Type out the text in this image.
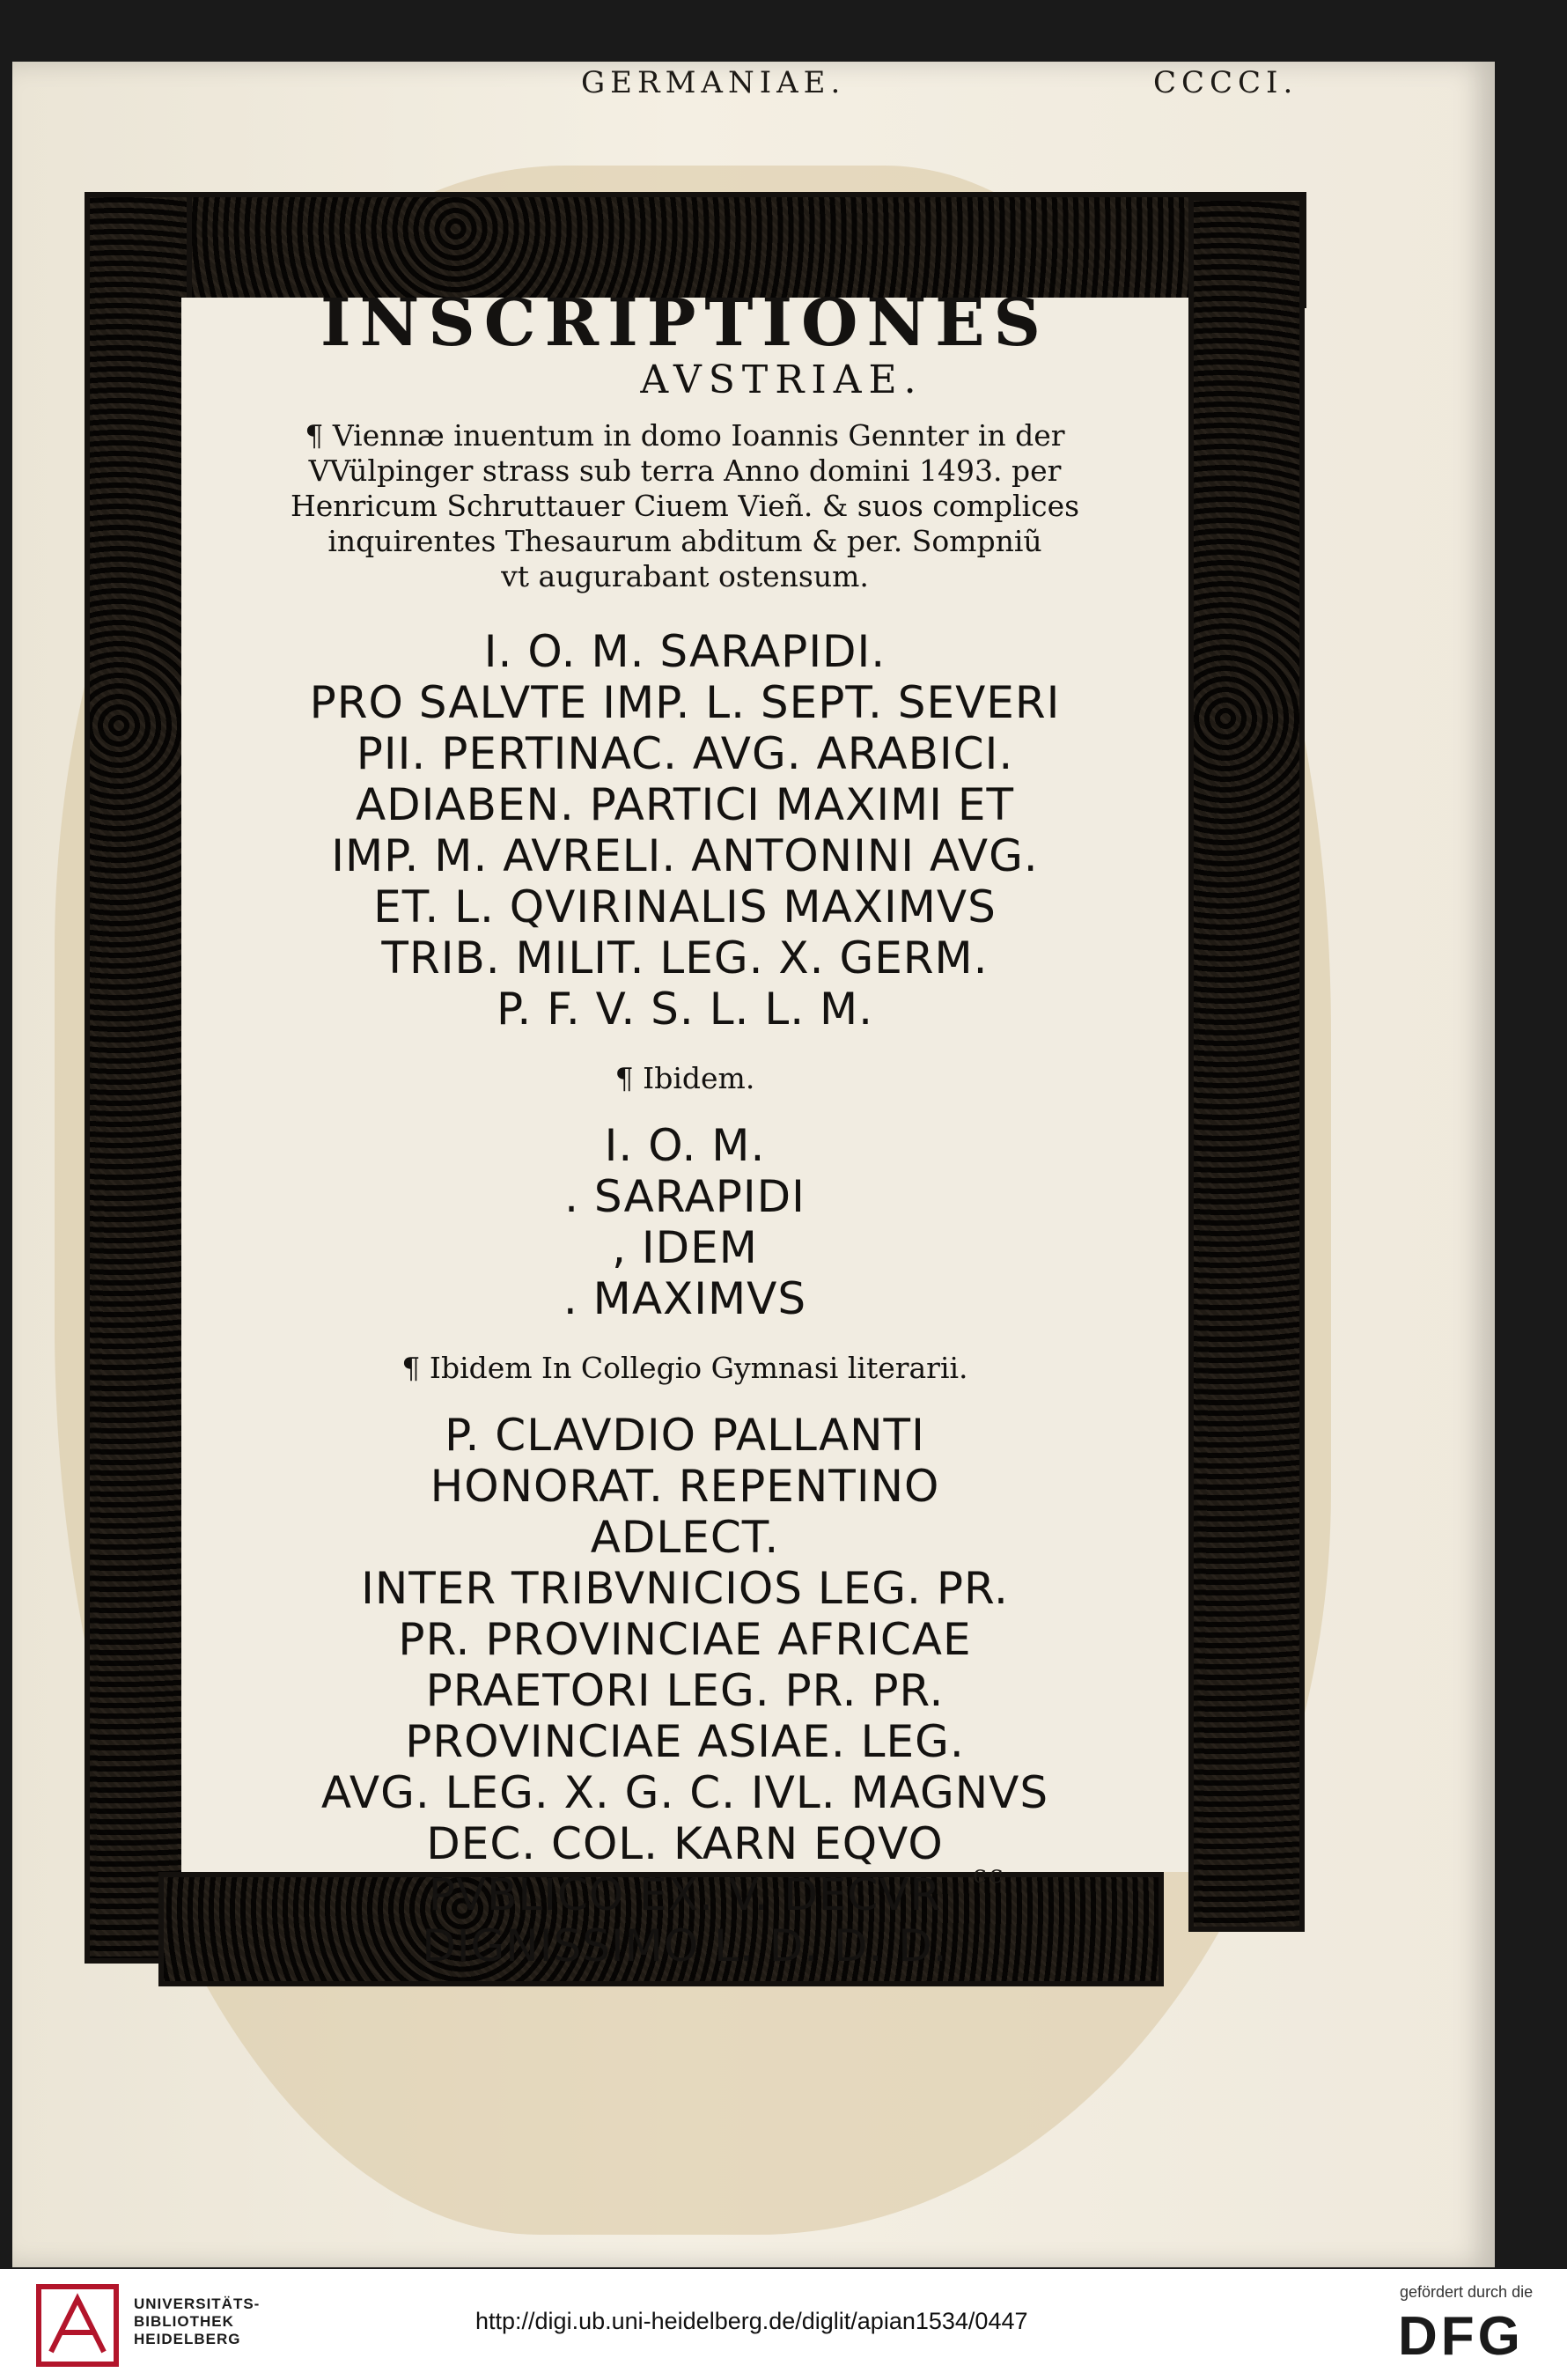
GERMANIAE.	CCCCI.
INSCRIPTIONES
AVSTRIAE.
¶ Viennæ inuentum in domo Ioannis Gennter in der
VVülpinger strass sub terra Anno domini 1493. per
Henricum Schruttauer Ciuem Vieñ. & suos complices
inquirentes Thesaurum abditum & per. Sompniũ
vt augurabant ostensum.
I. O. M. SARAPIDI.
PRO SALVTE IMP. L. SEPT. SEVERI
PII. PERTINAC. AVG. ARABICI.
ADIABEN. PARTICI MAXIMI ET
IMP. M. AVRELI. ANTONINI AVG.
ET. L. QVIRINALIS MAXIMVS
TRIB. MILIT. LEG. X. GERM.
P. F. V. S. L. L. M.
¶ Ibidem.
I. O. M.
. SARAPIDI
, IDEM
. MAXIMVS
¶ Ibidem In Collegio Gymnasi literarii.
P. CLAVDIO PALLANTI
HONORAT. REPENTINO
ADLECT.
INTER TRIBVNICIOS LEG. PR.
PR. PROVINCIAE AFRICAE
PRAETORI LEG. PR. PR.
PROVINCIAE ASIAE. LEG.
AVG. LEG. X. G. C. IVL. MAGNVS
DEC. COL. KARN EQVO
PVBLICO EX. V. DECVR
DIGNISSIMO L. D. D. D.
cc
UNIVERSITÄTS-
BIBLIOTHEK
HEIDELBERG
http://digi.ub.uni-heidelberg.de/diglit/apian1534/0447
gefördert durch die
DFG
